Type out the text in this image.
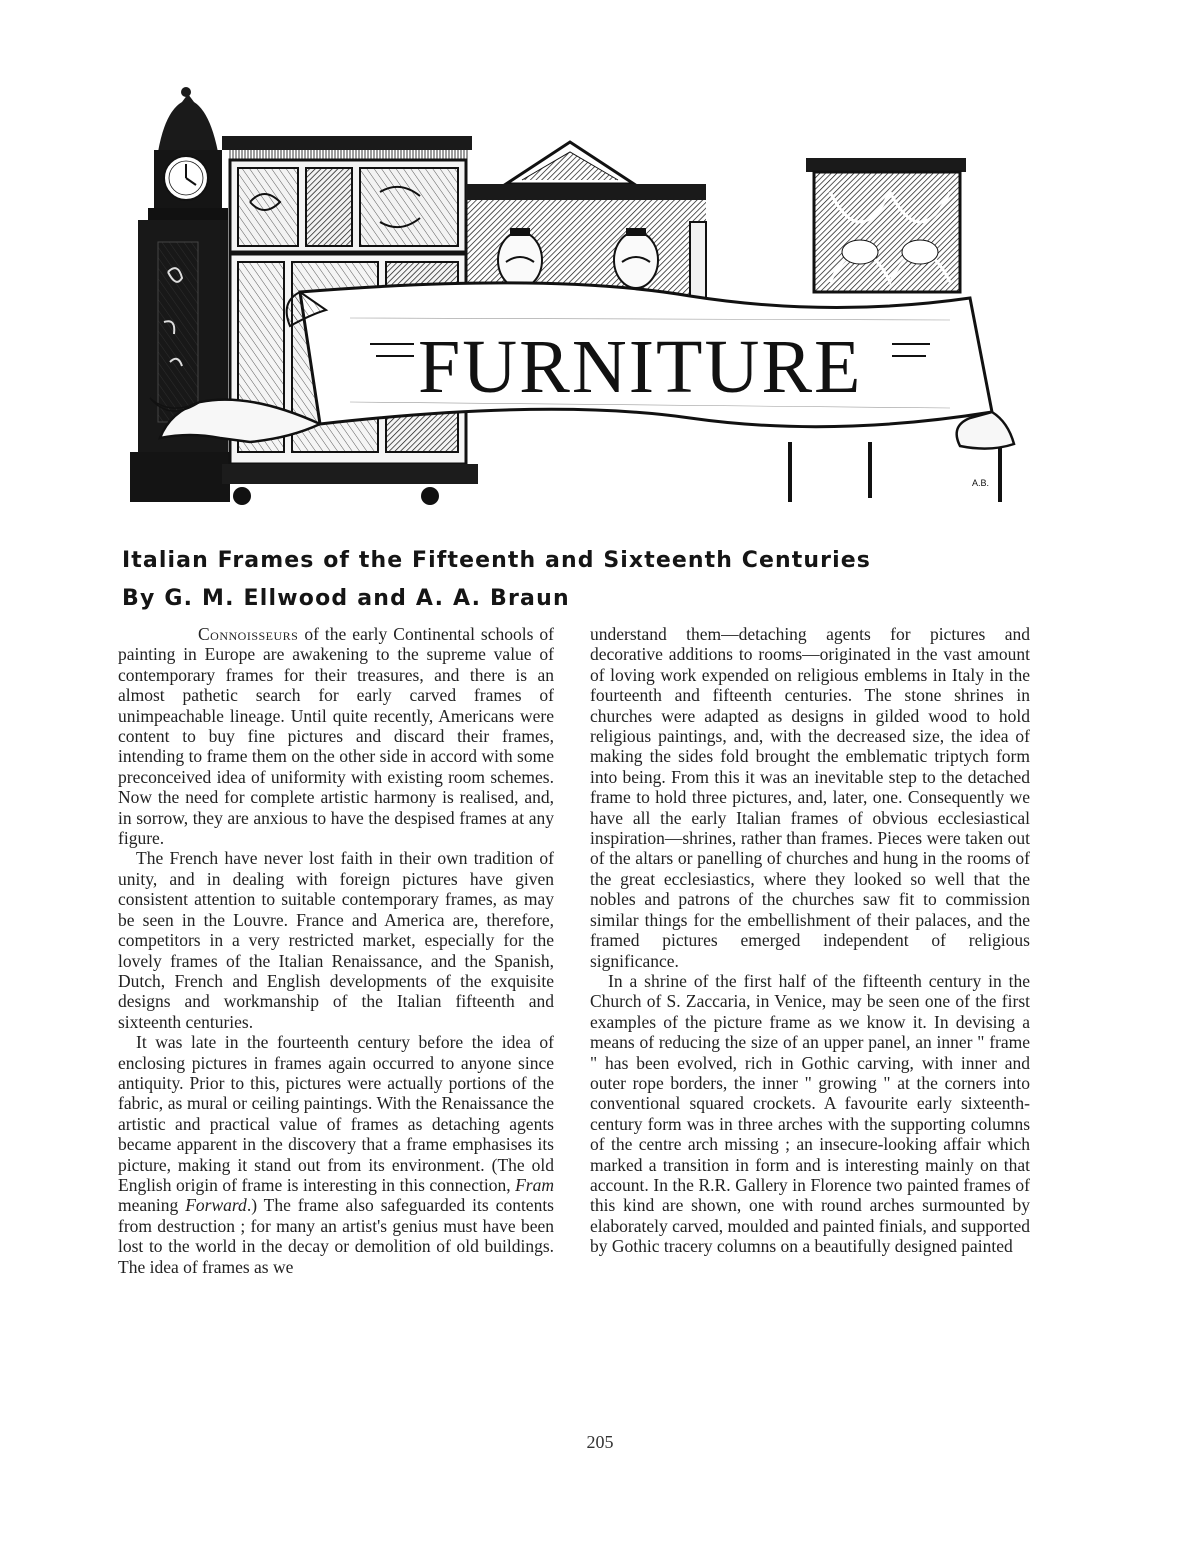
FURNITURE
A.B.
Italian Frames of the Fifteenth and Sixteenth Centuries
By G. M. Ellwood and A. A. Braun

Connoisseurs of the early Continental schools of painting in Europe are awakening to the supreme value of contemporary frames for their treasures, and there is an almost pathetic search for early carved frames of unimpeachable lineage. Until quite recently, Americans were content to buy fine pictures and discard their frames, intending to frame them on the other side in accord with some preconceived idea of uniformity with existing room schemes. Now the need for complete artistic harmony is realised, and, in sorrow, they are anxious to have the despised frames at any figure.

The French have never lost faith in their own tradition of unity, and in dealing with foreign pictures have given consistent attention to suitable contemporary frames, as may be seen in the Louvre. France and America are, therefore, competitors in a very restricted market, especially for the lovely frames of the Italian Renaissance, and the Spanish, Dutch, French and English developments of the exquisite designs and workmanship of the Italian fifteenth and sixteenth centuries.

It was late in the fourteenth century before the idea of enclosing pictures in frames again occurred to anyone since antiquity. Prior to this, pictures were actually portions of the fabric, as mural or ceiling paintings. With the Renaissance the artistic and practical value of frames as detaching agents became apparent in the discovery that a frame emphasises its picture, making it stand out from its environment. (The old English origin of frame is interesting in this connection, Fram meaning Forward.) The frame also safeguarded its contents from destruction ; for many an artist's genius must have been lost to the world in the decay or demolition of old buildings. The idea of frames as we

understand them—detaching agents for pictures and decorative additions to rooms—originated in the vast amount of loving work expended on religious emblems in Italy in the fourteenth and fifteenth centuries. The stone shrines in churches were adapted as designs in gilded wood to hold religious paintings, and, with the decreased size, the idea of making the sides fold brought the emblematic triptych form into being. From this it was an inevitable step to the detached frame to hold three pictures, and, later, one. Consequently we have all the early Italian frames of obvious ecclesiastical inspiration—shrines, rather than frames. Pieces were taken out of the altars or panelling of churches and hung in the rooms of the great ecclesiastics, where they looked so well that the nobles and patrons of the churches saw fit to commission similar things for the embellishment of their palaces, and the framed pictures emerged independent of religious significance.

In a shrine of the first half of the fifteenth century in the Church of S. Zaccaria, in Venice, may be seen one of the first examples of the picture frame as we know it. In devising a means of reducing the size of an upper panel, an inner " frame " has been evolved, rich in Gothic carving, with inner and outer rope borders, the inner " growing " at the corners into conventional squared crockets. A favourite early sixteenth-century form was in three arches with the supporting columns of the centre arch missing ; an insecure-looking affair which marked a transition in form and is interesting mainly on that account. In the R.R. Gallery in Florence two painted frames of this kind are shown, one with round arches surmounted by elaborately carved, moulded and painted finials, and supported by Gothic tracery columns on a beautifully designed painted

205
